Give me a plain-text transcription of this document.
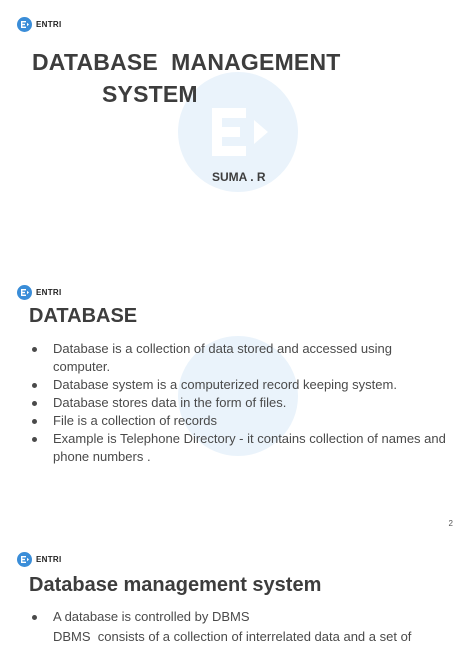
ENTRI
DATABASE  MANAGEMENT
SYSTEM
SUMA . R
ENTRI
DATABASE
Database is a collection of data stored and accessed using computer.
Database system is a computerized record keeping system.
Database stores data in the form of files.
File is a collection of records
Example is Telephone Directory - it contains collection of names and phone numbers .
2
ENTRI
Database management system
A database is controlled by DBMS
DBMS  consists of a collection of interrelated data and a set of
